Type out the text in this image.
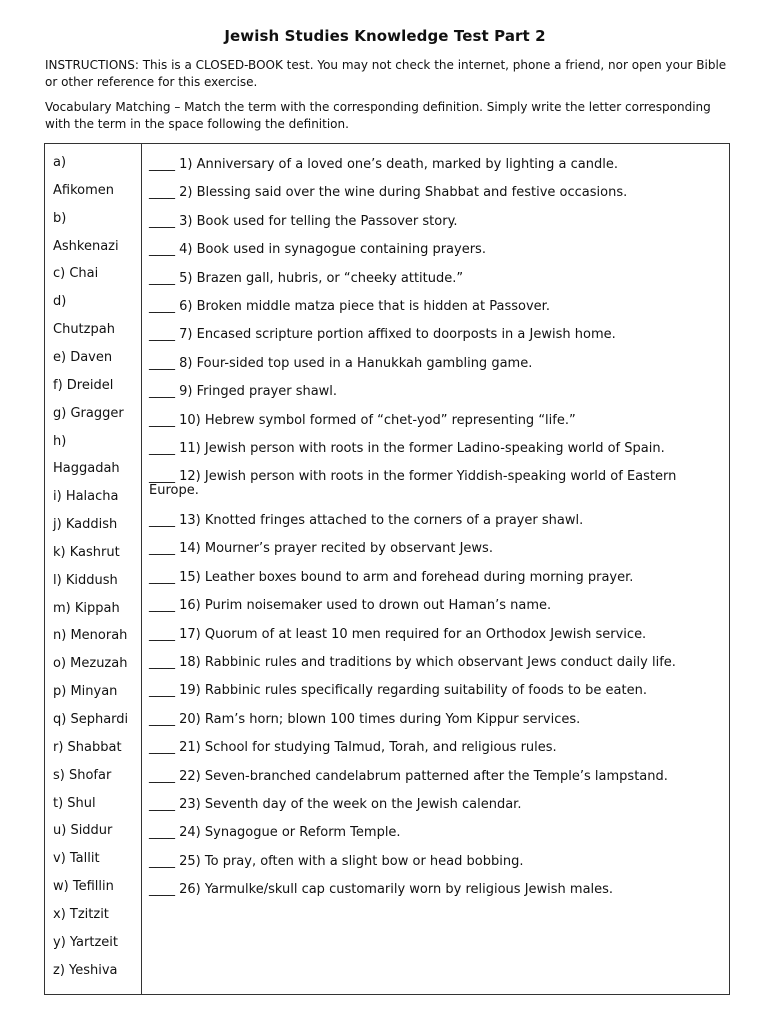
Jewish Studies Knowledge Test Part 2
INSTRUCTIONS: This is a CLOSED-BOOK test. You may not check the internet, phone a friend, nor open your Bible or other reference for this exercise.
Vocabulary Matching – Match the term with the corresponding definition. Simply write the letter corresponding with the term in the space following the definition.
a)
Afikomen
b)
Ashkenazi
c) Chai
d)
Chutzpah
e) Daven
f) Dreidel
g) Gragger
h)
Haggadah
i) Halacha
j) Kaddish
k) Kashrut
l) Kiddush
m) Kippah
n) Menorah
o) Mezuzah
p) Minyan
q) Sephardi
r) Shabbat
s) Shofar
t) Shul
u) Siddur
v) Tallit
w) Tefillin
x) Tzitzit
y) Yartzeit
z) Yeshiva
____ 1) Anniversary of a loved one’s death, marked by lighting a candle.
____ 2) Blessing said over the wine during Shabbat and festive occasions.
____ 3) Book used for telling the Passover story.
____ 4) Book used in synagogue containing prayers.
____ 5) Brazen gall, hubris, or “cheeky attitude.”
____ 6) Broken middle matza piece that is hidden at Passover.
____ 7) Encased scripture portion affixed to doorposts in a Jewish home.
____ 8) Four-sided top used in a Hanukkah gambling game.
____ 9) Fringed prayer shawl.
____ 10) Hebrew symbol formed of “chet-yod” representing “life.”
____ 11) Jewish person with roots in the former Ladino-speaking world of Spain.
____ 12) Jewish person with roots in the former Yiddish-speaking world of Eastern Europe.
____ 13) Knotted fringes attached to the corners of a prayer shawl.
____ 14) Mourner’s prayer recited by observant Jews.
____ 15) Leather boxes bound to arm and forehead during morning prayer.
____ 16) Purim noisemaker used to drown out Haman’s name.
____ 17) Quorum of at least 10 men required for an Orthodox Jewish service.
____ 18) Rabbinic rules and traditions by which observant Jews conduct daily life.
____ 19) Rabbinic rules specifically regarding suitability of foods to be eaten.
____ 20) Ram’s horn; blown 100 times during Yom Kippur services.
____ 21) School for studying Talmud, Torah, and religious rules.
____ 22) Seven-branched candelabrum patterned after the Temple’s lampstand.
____ 23) Seventh day of the week on the Jewish calendar.
____ 24) Synagogue or Reform Temple.
____ 25) To pray, often with a slight bow or head bobbing.
____ 26) Yarmulke/skull cap customarily worn by religious Jewish males.
